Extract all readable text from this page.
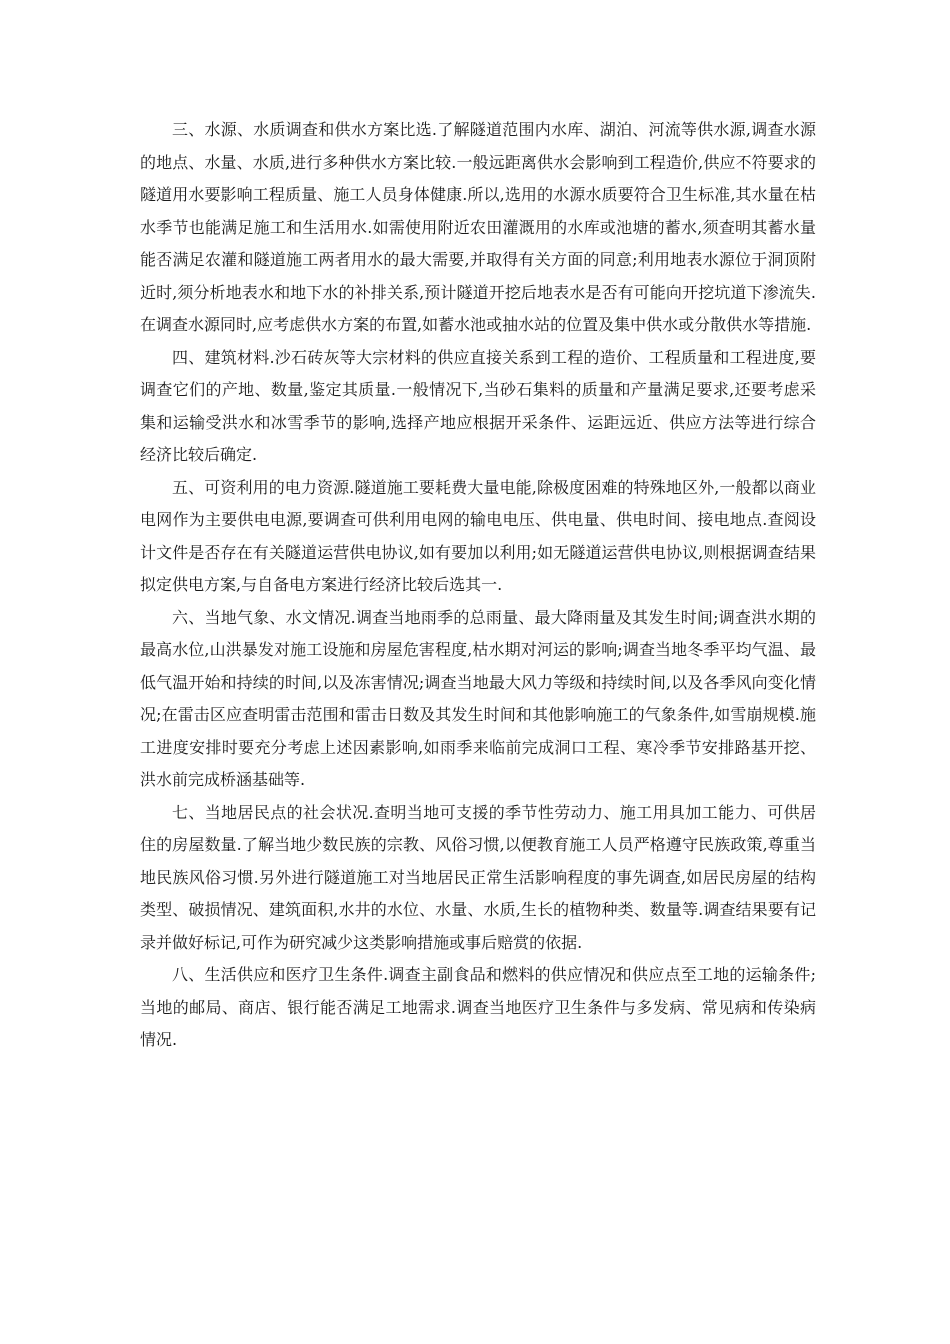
三、水源、水质调查和供水方案比选.了解隧道范围内水库、湖泊、河流等供水源,调查水源的地点、水量、水质,进行多种供水方案比较.一般远距离供水会影响到工程造价,供应不符要求的隧道用水要影响工程质量、施工人员身体健康.所以,选用的水源水质要符合卫生标准,其水量在枯水季节也能满足施工和生活用水.如需使用附近农田灌溉用的水库或池塘的蓄水,须查明其蓄水量能否满足农灌和隧道施工两者用水的最大需要,并取得有关方面的同意;利用地表水源位于洞顶附近时,须分析地表水和地下水的补排关系,预计隧道开挖后地表水是否有可能向开挖坑道下渗流失.在调查水源同时,应考虑供水方案的布置,如蓄水池或抽水站的位置及集中供水或分散供水等措施.

四、建筑材料.沙石砖灰等大宗材料的供应直接关系到工程的造价、工程质量和工程进度,要调查它们的产地、数量,鉴定其质量.一般情况下,当砂石集料的质量和产量满足要求,还要考虑采集和运输受洪水和冰雪季节的影响,选择产地应根据开采条件、运距远近、供应方法等进行综合经济比较后确定.

五、可资利用的电力资源.隧道施工要耗费大量电能,除极度困难的特殊地区外,一般都以商业电网作为主要供电电源,要调查可供利用电网的输电电压、供电量、供电时间、接电地点.查阅设计文件是否存在有关隧道运营供电协议,如有要加以利用;如无隧道运营供电协议,则根据调查结果拟定供电方案,与自备电方案进行经济比较后选其一.

六、当地气象、水文情况.调查当地雨季的总雨量、最大降雨量及其发生时间;调查洪水期的最高水位,山洪暴发对施工设施和房屋危害程度,枯水期对河运的影响;调查当地冬季平均气温、最低气温开始和持续的时间,以及冻害情况;调查当地最大风力等级和持续时间,以及各季风向变化情况;在雷击区应查明雷击范围和雷击日数及其发生时间和其他影响施工的气象条件,如雪崩规模.施工进度安排时要充分考虑上述因素影响,如雨季来临前完成洞口工程、寒冷季节安排路基开挖、洪水前完成桥涵基础等.

七、当地居民点的社会状况.查明当地可支援的季节性劳动力、施工用具加工能力、可供居住的房屋数量.了解当地少数民族的宗教、风俗习惯,以便教育施工人员严格遵守民族政策,尊重当地民族风俗习惯.另外进行隧道施工对当地居民正常生活影响程度的事先调查,如居民房屋的结构类型、破损情况、建筑面积,水井的水位、水量、水质,生长的植物种类、数量等.调查结果要有记录并做好标记,可作为研究减少这类影响措施或事后赔赏的依据.

八、生活供应和医疗卫生条件.调查主副食品和燃料的供应情况和供应点至工地的运输条件;当地的邮局、商店、银行能否满足工地需求.调查当地医疗卫生条件与多发病、常见病和传染病情况.
